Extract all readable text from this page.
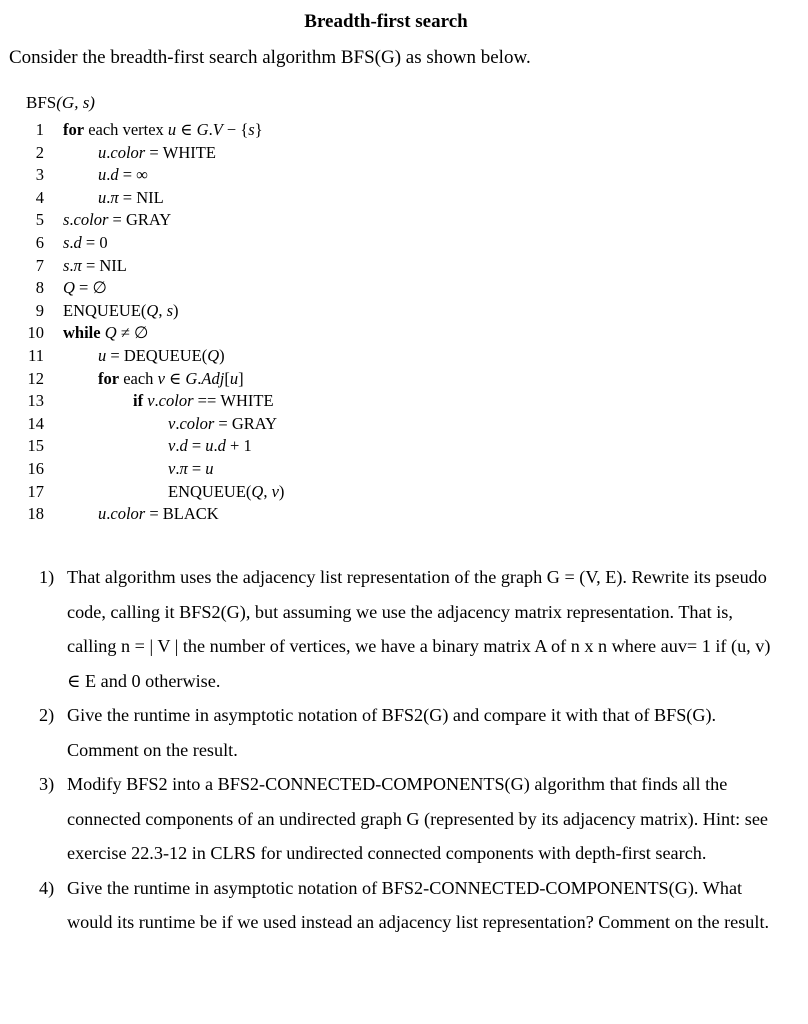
Breadth-first search
Consider the breadth-first search algorithm BFS(G) as shown below.
BFS(G, s)
1 for each vertex u ∈ G.V − {s}
2	u.color = WHITE
3	u.d = ∞
4	u.π = NIL
5 s.color = GRAY
6 s.d = 0
7 s.π = NIL
8 Q = ∅
9 ENQUEUE(Q, s)
10 while Q ≠ ∅
11	u = DEQUEUE(Q)
12	for each v ∈ G.Adj[u]
13	if v.color == WHITE
14	v.color = GRAY
15	v.d = u.d + 1
16	v.π = u
17	ENQUEUE(Q, v)
18	u.color = BLACK
1) That algorithm uses the adjacency list representation of the graph G = (V, E). Rewrite its pseudo code, calling it BFS2(G), but assuming we use the adjacency matrix representation. That is, calling n = | V | the number of vertices, we have a binary matrix A of n x n where auv= 1 if (u, v) ∈ E and 0 otherwise.
2) Give the runtime in asymptotic notation of BFS2(G) and compare it with that of BFS(G). Comment on the result.
3) Modify BFS2 into a BFS2-CONNECTED-COMPONENTS(G) algorithm that finds all the connected components of an undirected graph G (represented by its adjacency matrix). Hint: see exercise 22.3-12 in CLRS for undirected connected components with depth-first search.
4) Give the runtime in asymptotic notation of BFS2-CONNECTED-COMPONENTS(G). What would its runtime be if we used instead an adjacency list representation? Comment on the result.
